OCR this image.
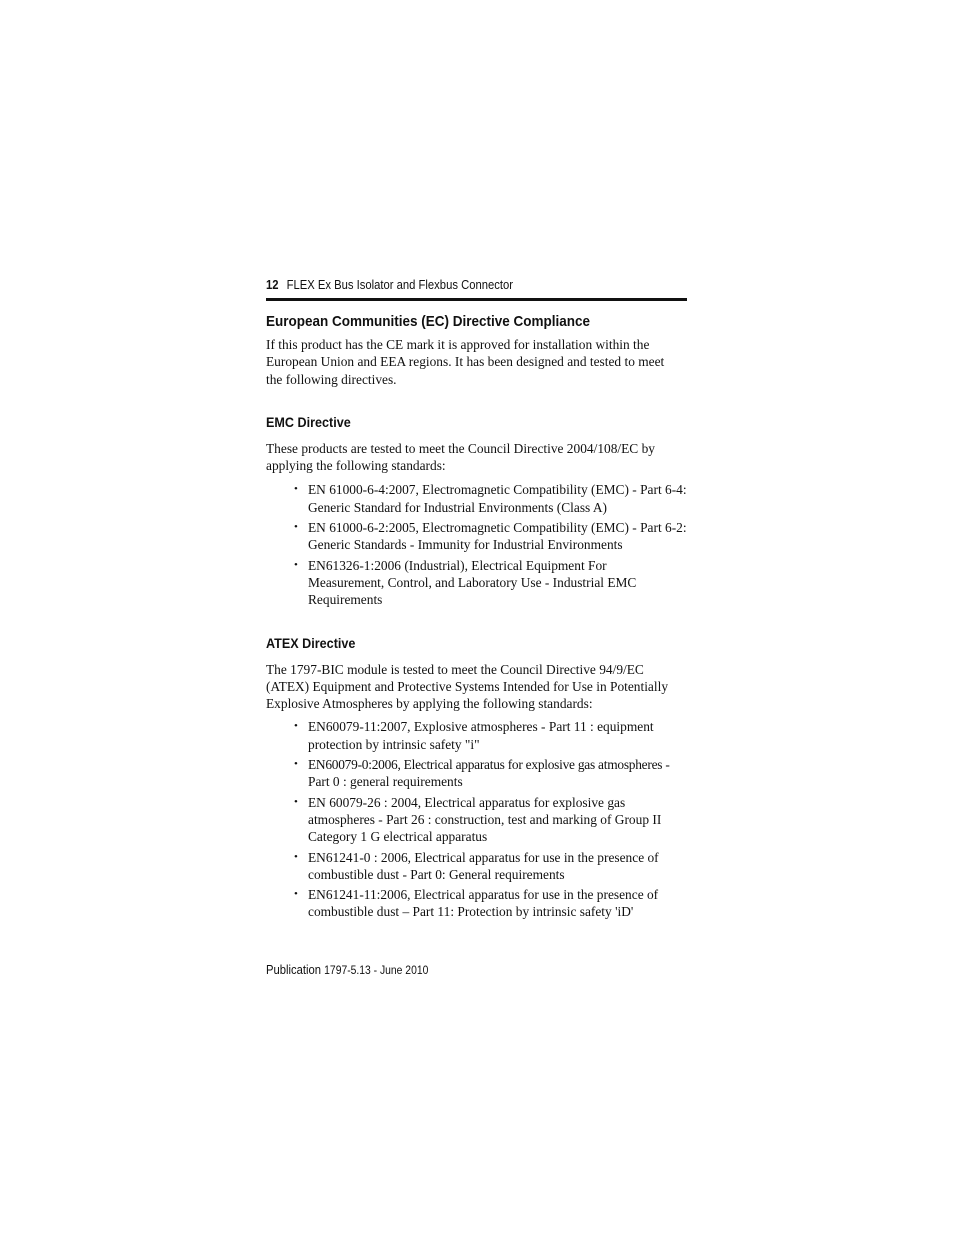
12 FLEX Ex Bus Isolator and Flexbus Connector
European Communities (EC) Directive Compliance

If this product has the CE mark it is approved for installation within the
European Union and EEA regions. It has been designed and tested to meet
the following directives.

EMC Directive

These products are tested to meet the Council Directive 2004/108/EC by
applying the following standards:

• EN 61000-6-4:2007, Electromagnetic Compatibility (EMC) - Part 6-4:
Generic Standard for Industrial Environments (Class A)
• EN 61000-6-2:2005, Electromagnetic Compatibility (EMC) - Part 6-2:
Generic Standards - Immunity for Industrial Environments
• EN61326-1:2006 (Industrial), Electrical Equipment For
Measurement, Control, and Laboratory Use - Industrial EMC
Requirements
ATEX Directive

The 1797-BIC module is tested to meet the Council Directive 94/9/EC
(ATEX) Equipment and Protective Systems Intended for Use in Potentially
Explosive Atmospheres by applying the following standards:

• EN60079-11:2007, Explosive atmospheres - Part 11 : equipment
protection by intrinsic safety "i"
• EN60079-0:2006, Electrical apparatus for explosive gas atmospheres -
Part 0 : general requirements
• EN 60079-26 : 2004, Electrical apparatus for explosive gas
atmospheres - Part 26 : construction, test and marking of Group II
Category 1 G electrical apparatus
• EN61241-0 : 2006, Electrical apparatus for use in the presence of
combustible dust - Part 0: General requirements
• EN61241-11:2006, Electrical apparatus for use in the presence of
combustible dust – Part 11: Protection by intrinsic safety 'iD'
Publication 1797-5.13 - June 2010
